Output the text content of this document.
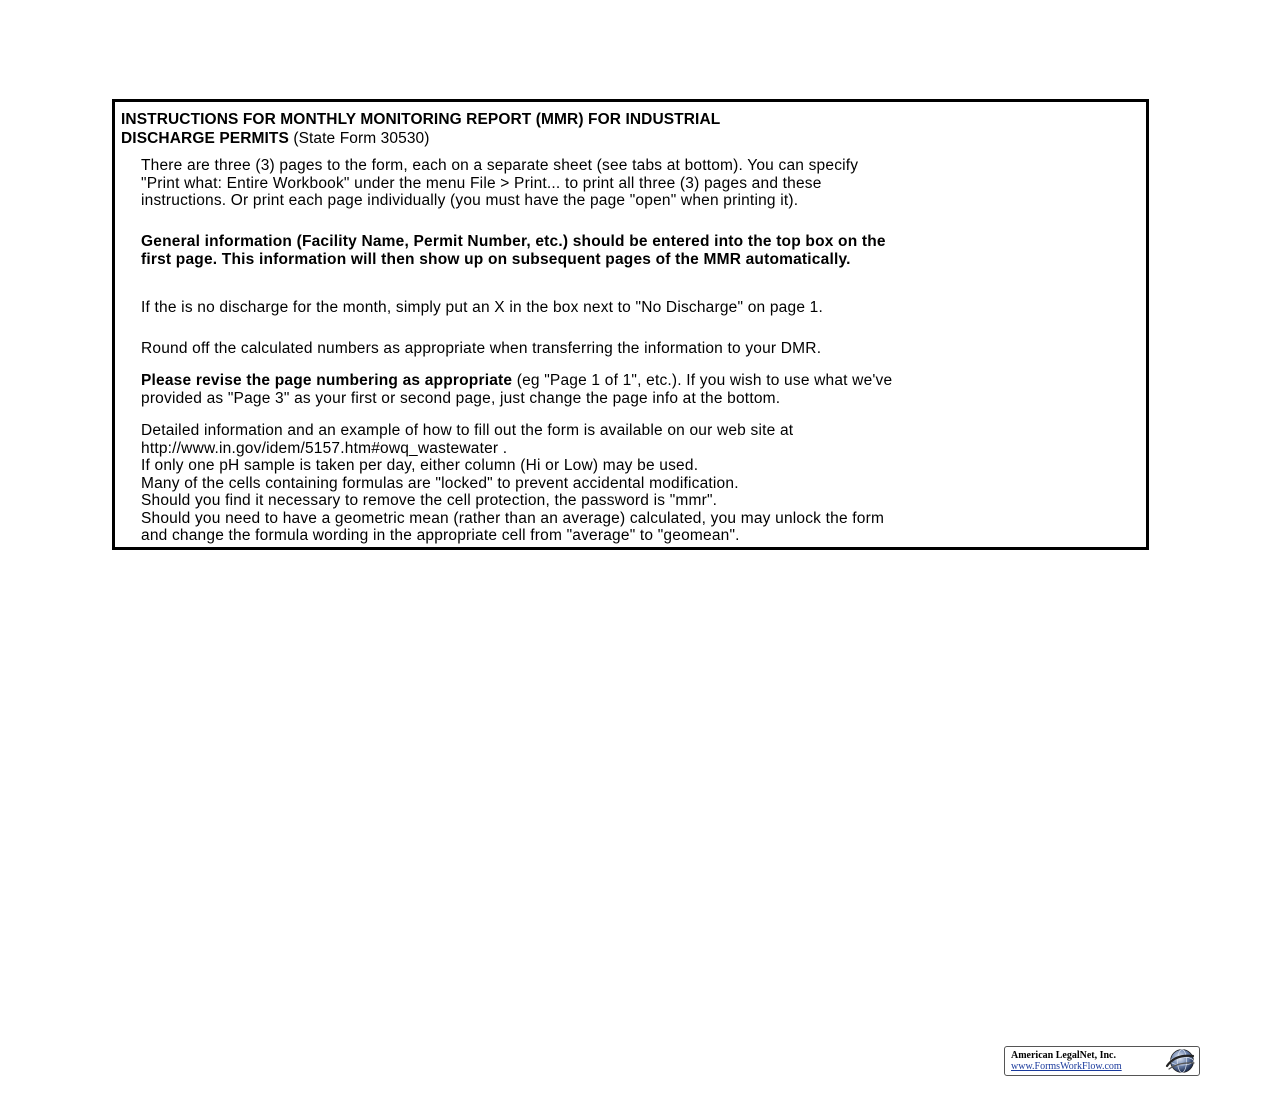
INSTRUCTIONS FOR MONTHLY MONITORING REPORT (MMR) FOR INDUSTRIAL
DISCHARGE PERMITS (State Form 30530)
There are three (3) pages to the form, each on a separate sheet (see tabs at bottom). You can specify
"Print what: Entire Workbook" under the menu File > Print... to print all three (3) pages and these
instructions. Or print each page individually (you must have the page "open" when printing it).
General information (Facility Name, Permit Number, etc.) should be entered into the top box on the
first page. This information will then show up on subsequent pages of the MMR automatically.
If the is no discharge for the month, simply put an X in the box next to "No Discharge" on page 1.
Round off the calculated numbers as appropriate when transferring the information to your DMR.
Please revise the page numbering as appropriate (eg "Page 1 of 1", etc.). If you wish to use what we've
provided as "Page 3" as your first or second page, just change the page info at the bottom.
Detailed information and an example of how to fill out the form is available on our web site at
http://www.in.gov/idem/5157.htm#owq_wastewater .
If only one pH sample is taken per day, either column (Hi or Low) may be used.
Many of the cells containing formulas are "locked" to prevent accidental modification.
Should you find it necessary to remove the cell protection, the password is "mmr".
Should you need to have a geometric mean (rather than an average) calculated, you may unlock the form
and change the formula wording in the appropriate cell from "average" to "geomean".
American LegalNet, Inc.
www.FormsWorkFlow.com
